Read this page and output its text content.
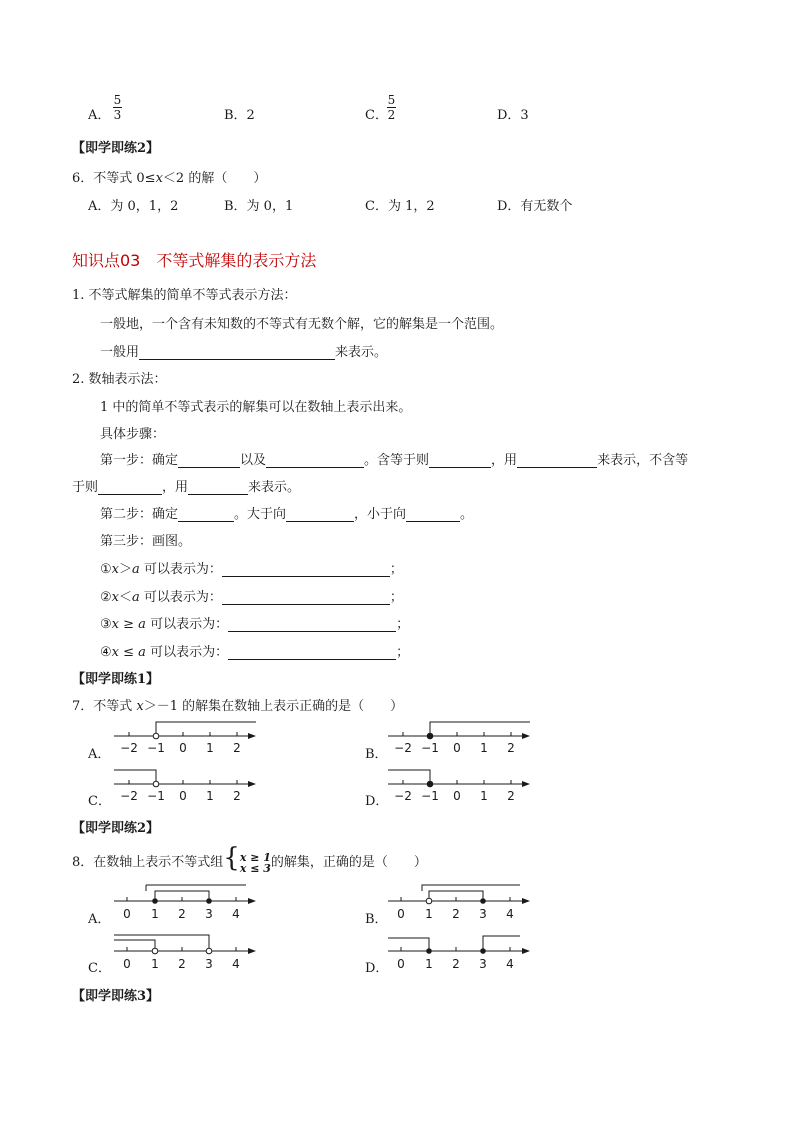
A．
5
3	B．2	C．
5
2	D．3
【即学即练2】
6．不等式 0≤x＜2 的解（　　）
A．为 0，1，2	B．为 0，1	C．为 1，2	D．有无数个
知识点03　不等式解集的表示方法
1. 不等式解集的简单不等式表示方法：
一般地，一个含有未知数的不等式有无数个解，它的解集是一个范围。
一般用	来表示。
2. 数轴表示法：
1 中的简单不等式表示的解集可以在数轴上表示出来。
具体步骤：
第一步：确定	以及	。含等于则	，用	来表示，不含等
于则	，用	来表示。
第二步：确定	。大于向	，小于向	。
第三步：画图。
①x＞a 可以表示为：	；
②x＜a 可以表示为：	；
③x ≥ a 可以表示为：	；
④x ≤ a 可以表示为：	；
【即学即练1】
7．不等式 x＞－1 的解集在数轴上表示正确的是（　　）
A．	B．
C．	D．
−2 −1 0 1 2	−2 −1 0 1 2
−2 −1 0 1 2	−2 −1 0 1 2
【即学即练2】
8．在数轴上表示不等式组{ x ≥ 1
x ≤ 3 的解集，正确的是（　　）
A．	B．
C．	D．
0 1 2 3 4	0 1 2 3 4
0 1 2 3 4	0 1 2 3 4
【即学即练3】
